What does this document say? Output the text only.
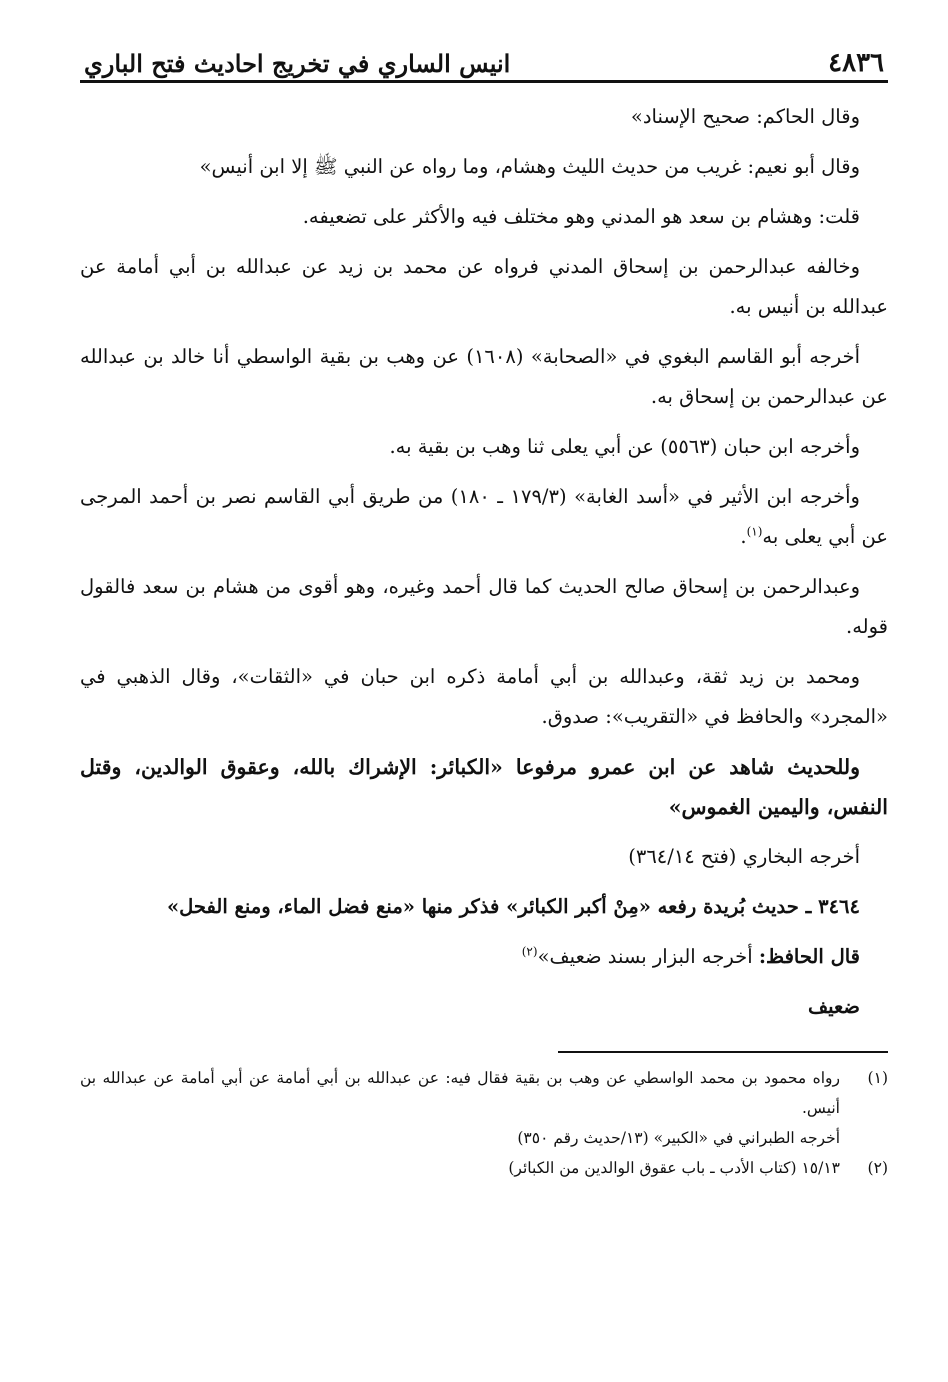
٤٨٣٦
انيس الساري في تخريج احاديث فتح الباري

وقال الحاكم: صحيح الإسناد»

وقال أبو نعيم: غريب من حديث الليث وهشام، وما رواه عن النبي ﷺ إلا ابن أنيس»

قلت: وهشام بن سعد هو المدني وهو مختلف فيه والأكثر على تضعيفه.

وخالفه عبدالرحمن بن إسحاق المدني فرواه عن محمد بن زيد عن عبدالله بن أبي أمامة عن عبدالله بن أنيس به.

أخرجه أبو القاسم البغوي في «الصحابة» (١٦٠٨) عن وهب بن بقية الواسطي أنا خالد بن عبدالله عن عبدالرحمن بن إسحاق به.

وأخرجه ابن حبان (٥٥٦٣) عن أبي يعلى ثنا وهب بن بقية به.

وأخرجه ابن الأثير في «أسد الغابة» (١٧٩/٣ ـ ١٨٠) من طريق أبي القاسم نصر بن أحمد المرجى عن أبي يعلى به$^{(١)}$.

وعبدالرحمن بن إسحاق صالح الحديث كما قال أحمد وغيره، وهو أقوى من هشام بن سعد فالقول قوله.

ومحمد بن زيد ثقة، وعبدالله بن أبي أمامة ذكره ابن حبان في «الثقات»، وقال الذهبي في «المجرد» والحافظ في «التقريب»: صدوق.

وللحديث شاهد عن ابن عمرو مرفوعا «الكبائر: الإشراك بالله، وعقوق الوالدين، وقتل النفس، واليمين الغموس»

أخرجه البخاري (فتح ٣٦٤/١٤)

٣٤٦٤ ـ حديث بُريدة رفعه «مِنْ أكبر الكبائر» فذكر منها «منع فضل الماء، ومنع الفحل»

قال الحافظ: أخرجه البزار بسند ضعيف»$^{(٢)}$

ضعيف

(١)
رواه محمود بن محمد الواسطي عن وهب بن بقية فقال فيه: عن عبدالله بن أبي أمامة عن أبي أمامة عن عبدالله بن أنيس.
أخرجه الطبراني في «الكبير» (١٣/حديث رقم ٣٥٠)
(٢)
١٥/١٣ (كتاب الأدب ـ باب عقوق الوالدين من الكبائر)
